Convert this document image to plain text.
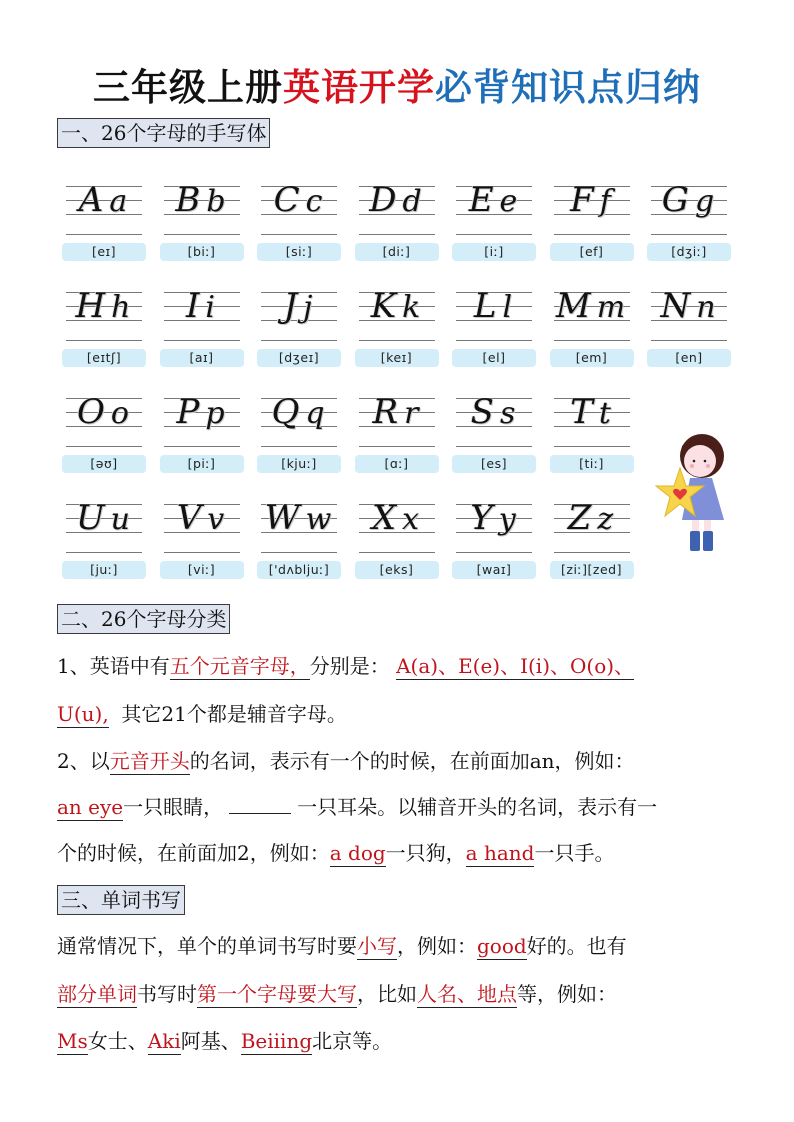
三年级上册英语开学必背知识点归纳
一、26个字母的手写体
A a
[eɪ]
B b
[biː]
C c
[siː]
D d
[diː]
E e
[iː]
F f
[ef]
G g
[dʒiː]
H h
[eɪtʃ]
I i
[aɪ]
J j
[dʒeɪ]
K k
[keɪ]
L l
[el]
M m
[em]
N n
[en]
O o
[əʊ]
P p
[piː]
Q q
[kjuː]
R r
[ɑː]
S s
[es]
T t
[tiː]
U u
[juː]
V v
[viː]
W w
['dʌbljuː]
X x
[eks]
Y y
[waɪ]
Z z
[ziː][zed]
二、26个字母分类
1、英语中有五个元音字母，分别是： A(a)、E(e)、I(i)、O(o)、
U(u), 其它21个都是辅音字母。
2、以元音开头的名词，表示有一个的时候，在前面加an，例如：
an eye一只眼睛，	一只耳朵。以辅音开头的名词，表示有一
个的时候，在前面加2，例如：a dog一只狗，a hand一只手。
三、单词书写
通常情况下，单个的单词书写时要小写，例如：good好的。也有
部分单词书写时第一个字母要大写，比如人名、地点等，例如：
Ms女士、Aki阿基、Beiiing北京等。
